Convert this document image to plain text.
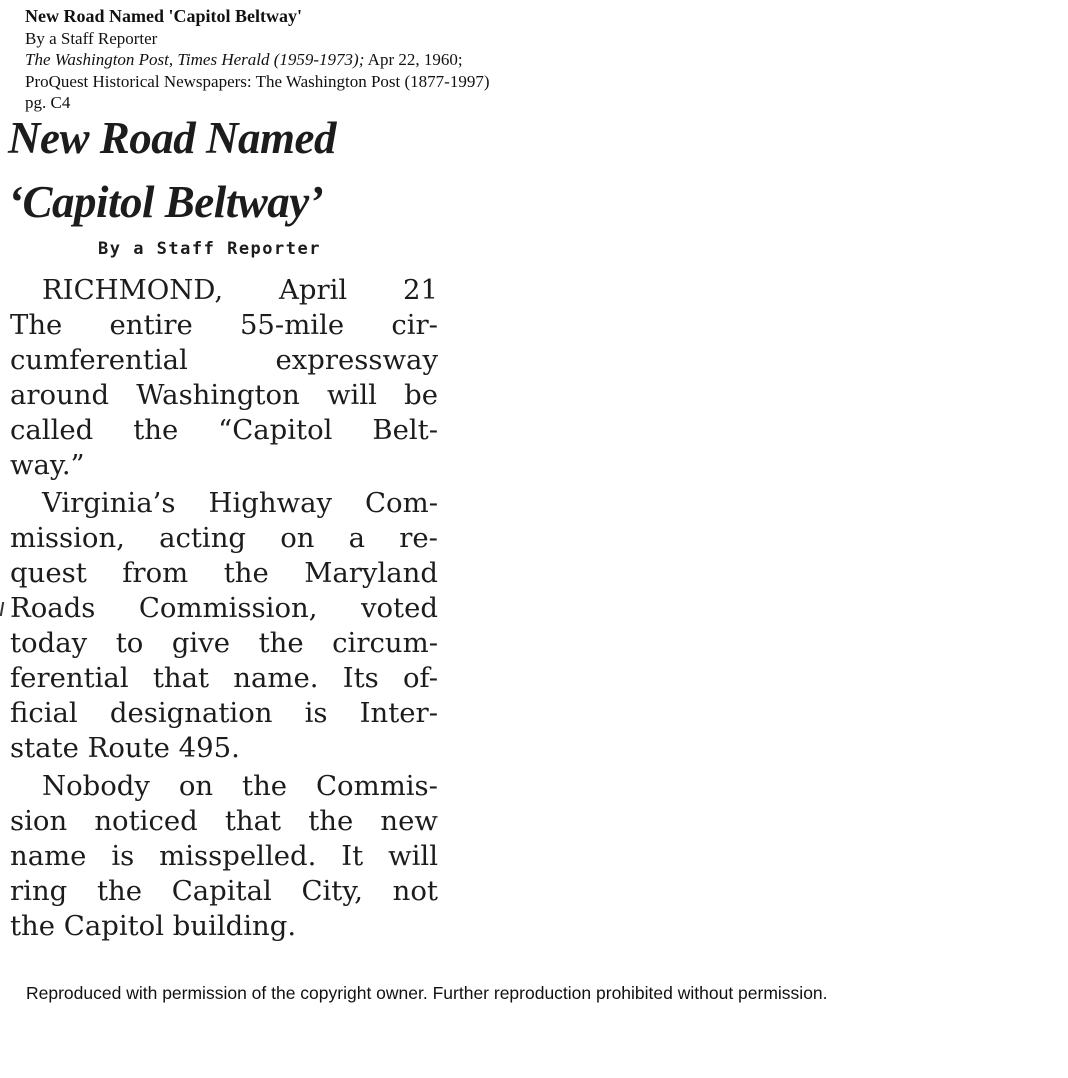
New Road Named 'Capitol Beltway'
By a Staff Reporter
The Washington Post, Times Herald (1959-1973); Apr 22, 1960;
ProQuest Historical Newspapers: The Washington Post (1877-1997)
pg. C4
New Road Named
‘Capitol Beltway’
By a Staff Reporter
RICHMOND, April 21
The entire 55-mile cir-
cumferential	expressway
around Washington will be
called the “Capitol Belt-
way.”
Virginia’s Highway Com-
mission, acting on a re-
quest from the Maryland
Roads Commission, voted
today to give the circum-
ferential that name. Its of-
ficial designation is Inter-
state Route 495.
Nobody on the Commis-
sion noticed that the new
name is misspelled. It will
ring the Capital City, not
the Capitol building.
Reproduced with permission of the copyright owner. Further reproduction prohibited without permission.
